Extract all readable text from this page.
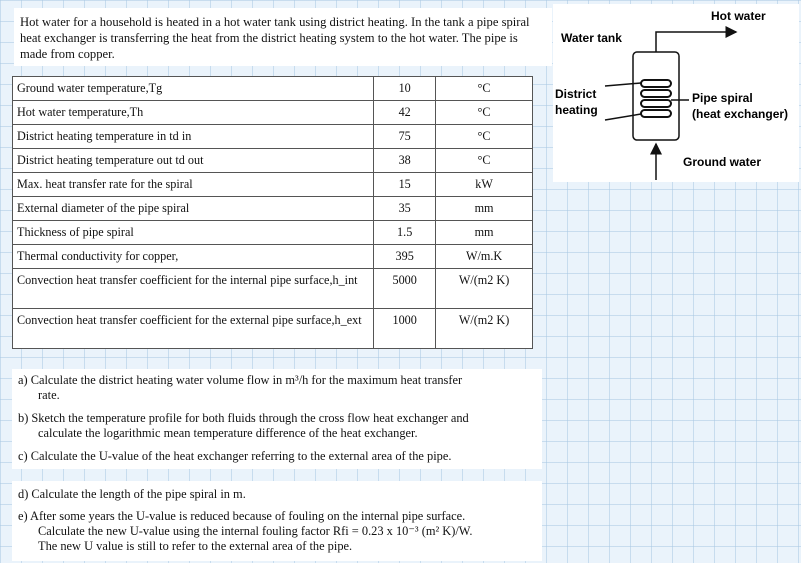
Hot water for a household is heated in a hot water tank using district heating. In the tank a pipe spiral heat exchanger is transferring the heat from the district heating system to the hot water. The pipe is made from copper.
Hot water
Water tank
District
heating
Pipe spiral
(heat exchanger)
Ground water
Ground water temperature,Tg	10	°C
Hot water temperature,Th	42	°C
District heating temperature in td in	75	°C
District heating temperature out td out	38	°C
Max. heat transfer rate for the spiral	15	kW
External diameter of the pipe spiral	35	mm
Thickness of pipe spiral	1.5	mm
Thermal conductivity for copper,	395	W/m.K
Convection heat transfer coefficient for the internal pipe surface,h_int	5000	W/(m2 K)
Convection heat transfer coefficient for the external pipe surface,h_ext	1000	W/(m2 K)
a) Calculate the district heating water volume flow in m³/h for the maximum heat transfer
rate.
b) Sketch the temperature profile for both fluids through the cross flow heat exchanger and
calculate the logarithmic mean temperature difference of the heat exchanger.
c) Calculate the U-value of the heat exchanger referring to the external area of the pipe.
d) Calculate the length of the pipe spiral in m.
e) After some years the U-value is reduced because of fouling on the internal pipe surface.
Calculate the new U-value using the internal fouling factor Rfi = 0.23 x 10⁻³ (m² K)/W.
The new U value is still to refer to the external area of the pipe.
